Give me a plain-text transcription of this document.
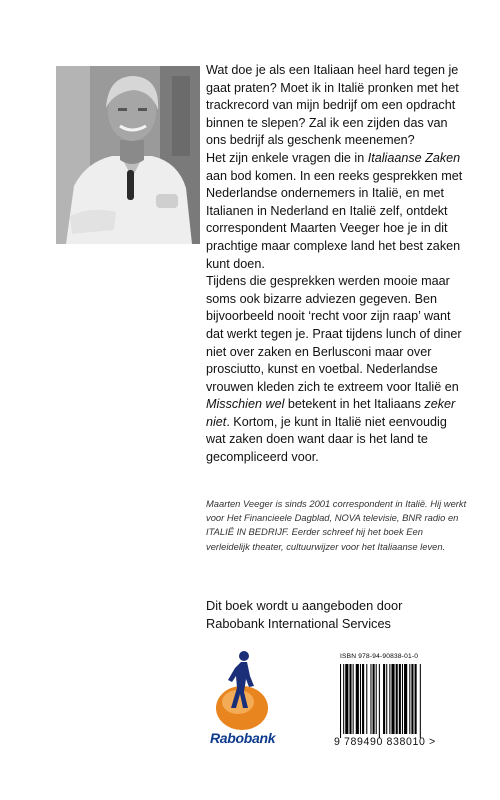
Wat doe je als een Italiaan heel hard tegen je gaat praten? Moet ik in Italië pronken met het trackrecord van mijn bedrijf om een opdracht binnen te slepen? Zal ik een zijden das van ons bedrijf als geschenk meenemen?

Het zijn enkele vragen die in Italiaanse Zaken aan bod komen. In een reeks gesprekken met Nederlandse ondernemers in Italië, en met Italianen in Nederland en Italië zelf, ontdekt correspondent Maarten Veeger hoe je in dit prachtige maar complexe land het best zaken kunt doen.

Tijdens die gesprekken werden mooie maar soms ook bizarre adviezen gegeven. Ben bijvoorbeeld nooit ‘recht voor zijn raap’ want dat werkt tegen je. Praat tijdens lunch of diner niet over zaken en Berlusconi maar over prosciutto, kunst en voetbal. Nederlandse vrouwen kleden zich te extreem voor Italië en Misschien wel betekent in het Italiaans zeker niet. Kortom, je kunt in Italië niet eenvoudig wat zaken doen want daar is het land te gecompliceerd voor.

Maarten Veeger is sinds 2001 correspondent in Italië. Hij werkt voor Het Financieele Dagblad, NOVA televisie, BNR radio en ITALIË IN BEDRIJF. Eerder schreef hij het boek Een verleidelijk theater, cultuurwijzer voor het Italiaanse leven.
Dit boek wordt u aangeboden door
Rabobank International Services
Rabobank
ISBN 978-94-90838-01-0
9 789490 838010 >
